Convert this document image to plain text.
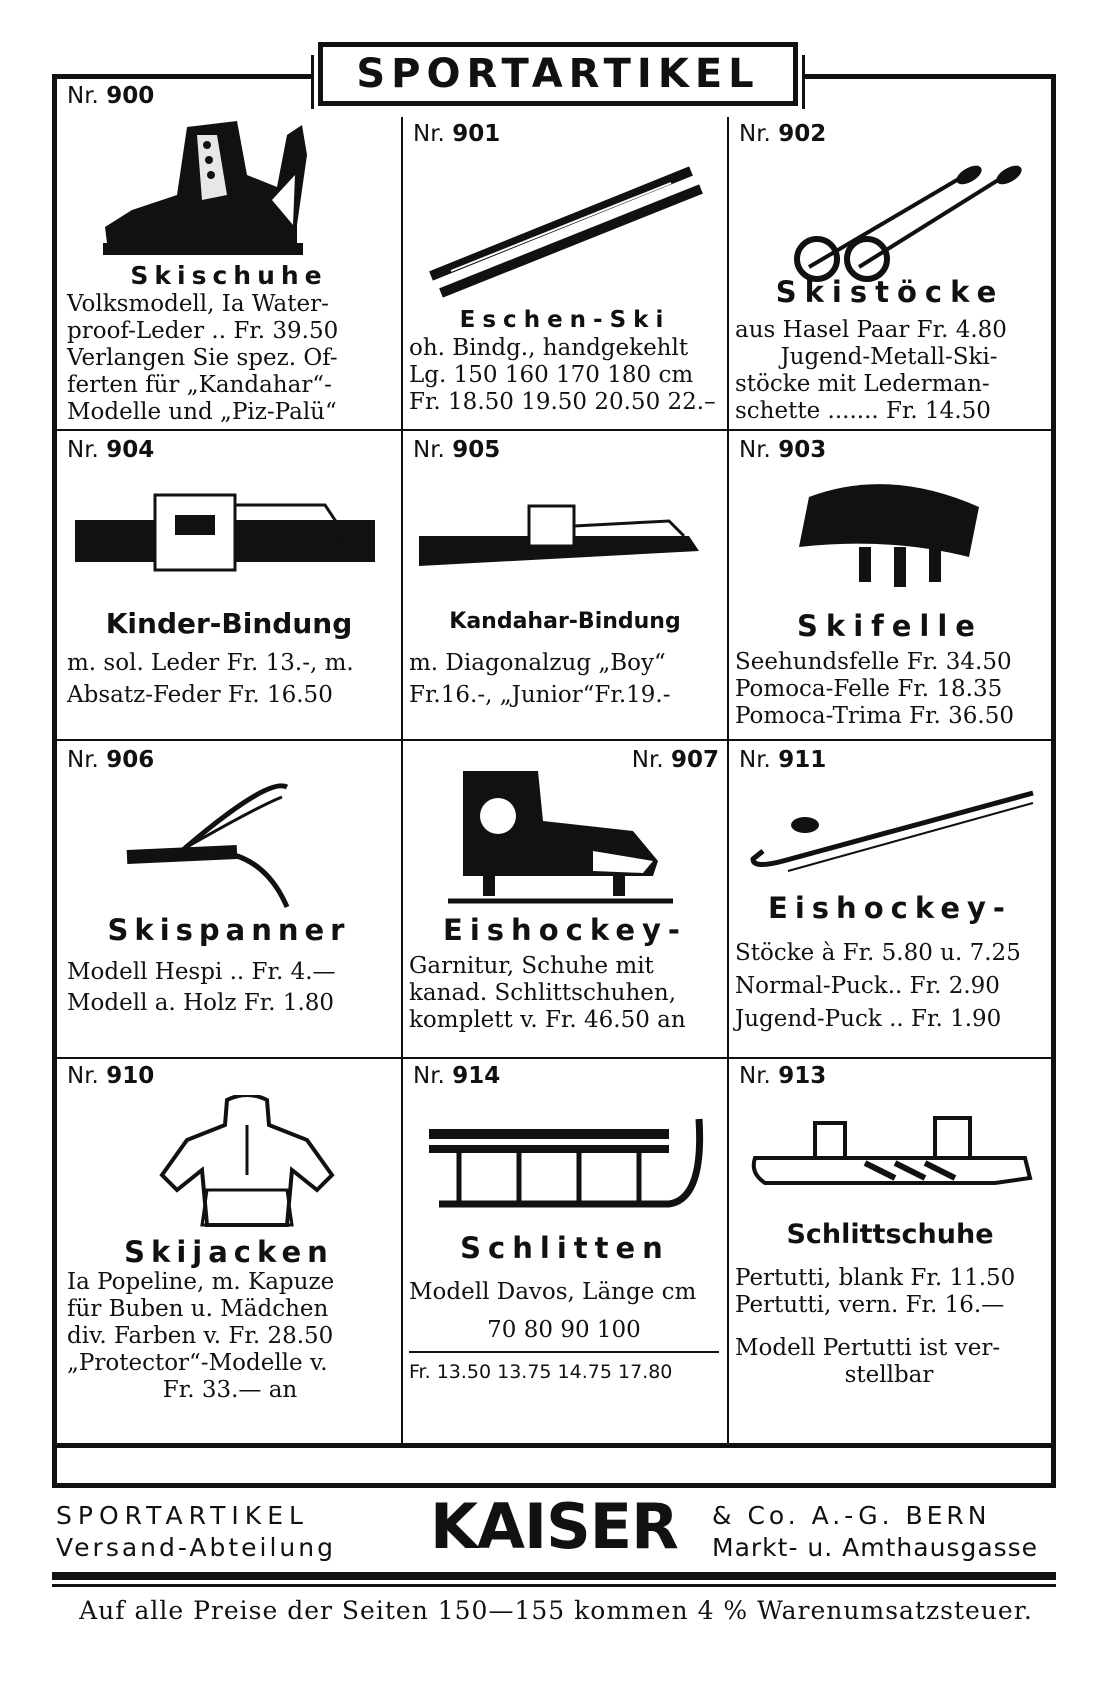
SPORTARTIKEL
Nr. 900
Skischuhe
Volksmodell, Ia Water-
proof-Leder .. Fr. 39.50
Verlangen Sie spez. Of-
ferten für „Kandahar“-
Modelle und „Piz-Palü“
Nr. 901
Eschen-Ski
oh. Bindg., handgekehlt
Lg. 150 160 170 180 cm
Fr. 18.50 19.50 20.50 22.–
Nr. 902
Skistöcke
aus Hasel Paar Fr. 4.80
Jugend-Metall-Ski-
stöcke mit Lederman-
schette ....... Fr. 14.50
Nr. 904
Kinder-Bindung
m. sol. Leder Fr. 13.-, m.
Absatz-Feder Fr. 16.50
Nr. 905
Kandahar-Bindung
m. Diagonalzug „Boy“
Fr.16.-, „Junior“Fr.19.-
Nr. 903
Skifelle
Seehundsfelle Fr. 34.50
Pomoca-Felle Fr. 18.35
Pomoca-Trima Fr. 36.50
Nr. 906
Skispanner
Modell Hespi .. Fr. 4.—
Modell a. Holz Fr. 1.80
Nr. 907
Eishockey-
Garnitur, Schuhe mit
kanad. Schlittschuhen,
komplett v. Fr. 46.50 an
Nr. 911
Eishockey-
Stöcke à Fr. 5.80 u. 7.25
Normal-Puck.. Fr. 2.90
Jugend-Puck .. Fr. 1.90
Nr. 910
Skijacken
Ia Popeline, m. Kapuze
für Buben u. Mädchen
div. Farben v. Fr. 28.50
„Protector“-Modelle v.
Fr. 33.— an
Nr. 914
Schlitten
Modell Davos, Länge cm
70 80 90 100
Fr. 13.50 13.75 14.75 17.80
Nr. 913
Schlittschuhe
Pertutti, blank Fr. 11.50
Pertutti, vern. Fr. 16.—
Modell Pertutti ist ver-
stellbar
SPORTARTIKEL
Versand-Abteilung KAISER & Co. A.-G. BERN
Markt- u. Amthausgasse
Auf alle Preise der Seiten 150—155 kommen 4 % Warenumsatzsteuer.
